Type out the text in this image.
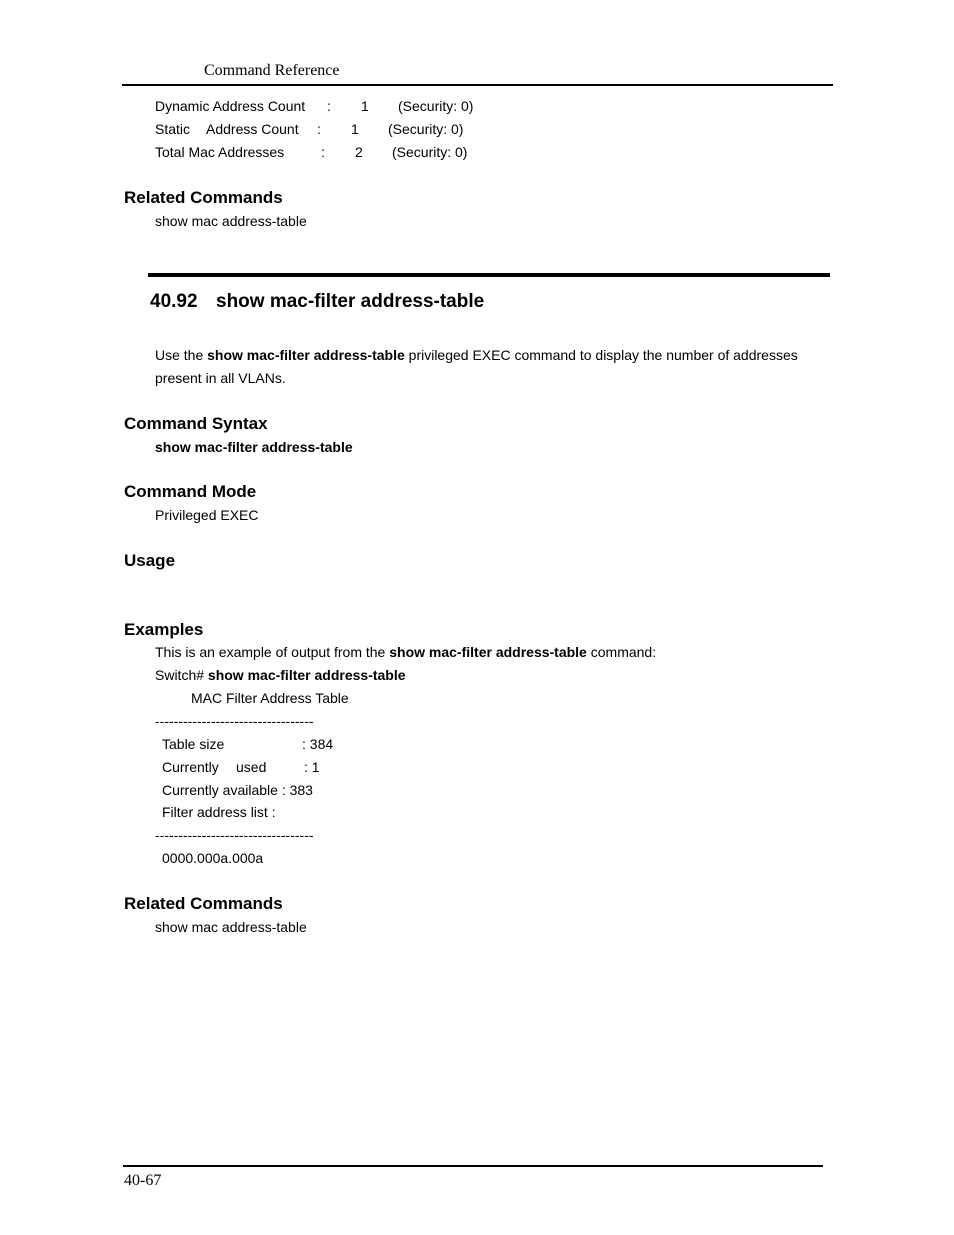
Command Reference
Dynamic Address Count : 1 (Security: 0)
Static Address Count : 1 (Security: 0)
Total Mac Addresses	: 2 (Security: 0)
Related Commands
show mac address-table
40.92 show mac-filter address-table
Use the show mac-filter address-table privileged EXEC command to display the number of addresses
present in all VLANs.
Command Syntax
show mac-filter address-table
Command Mode
Privileged EXEC
Usage
Examples
This is an example of output from the show mac-filter address-table command:
Switch# show mac-filter address-table
MAC Filter Address Table
----------------------------------
Table size	: 384
Currently used	: 1
Currently available : 383
Filter address list :
----------------------------------
0000.000a.000a
Related Commands
show mac address-table
40-67
